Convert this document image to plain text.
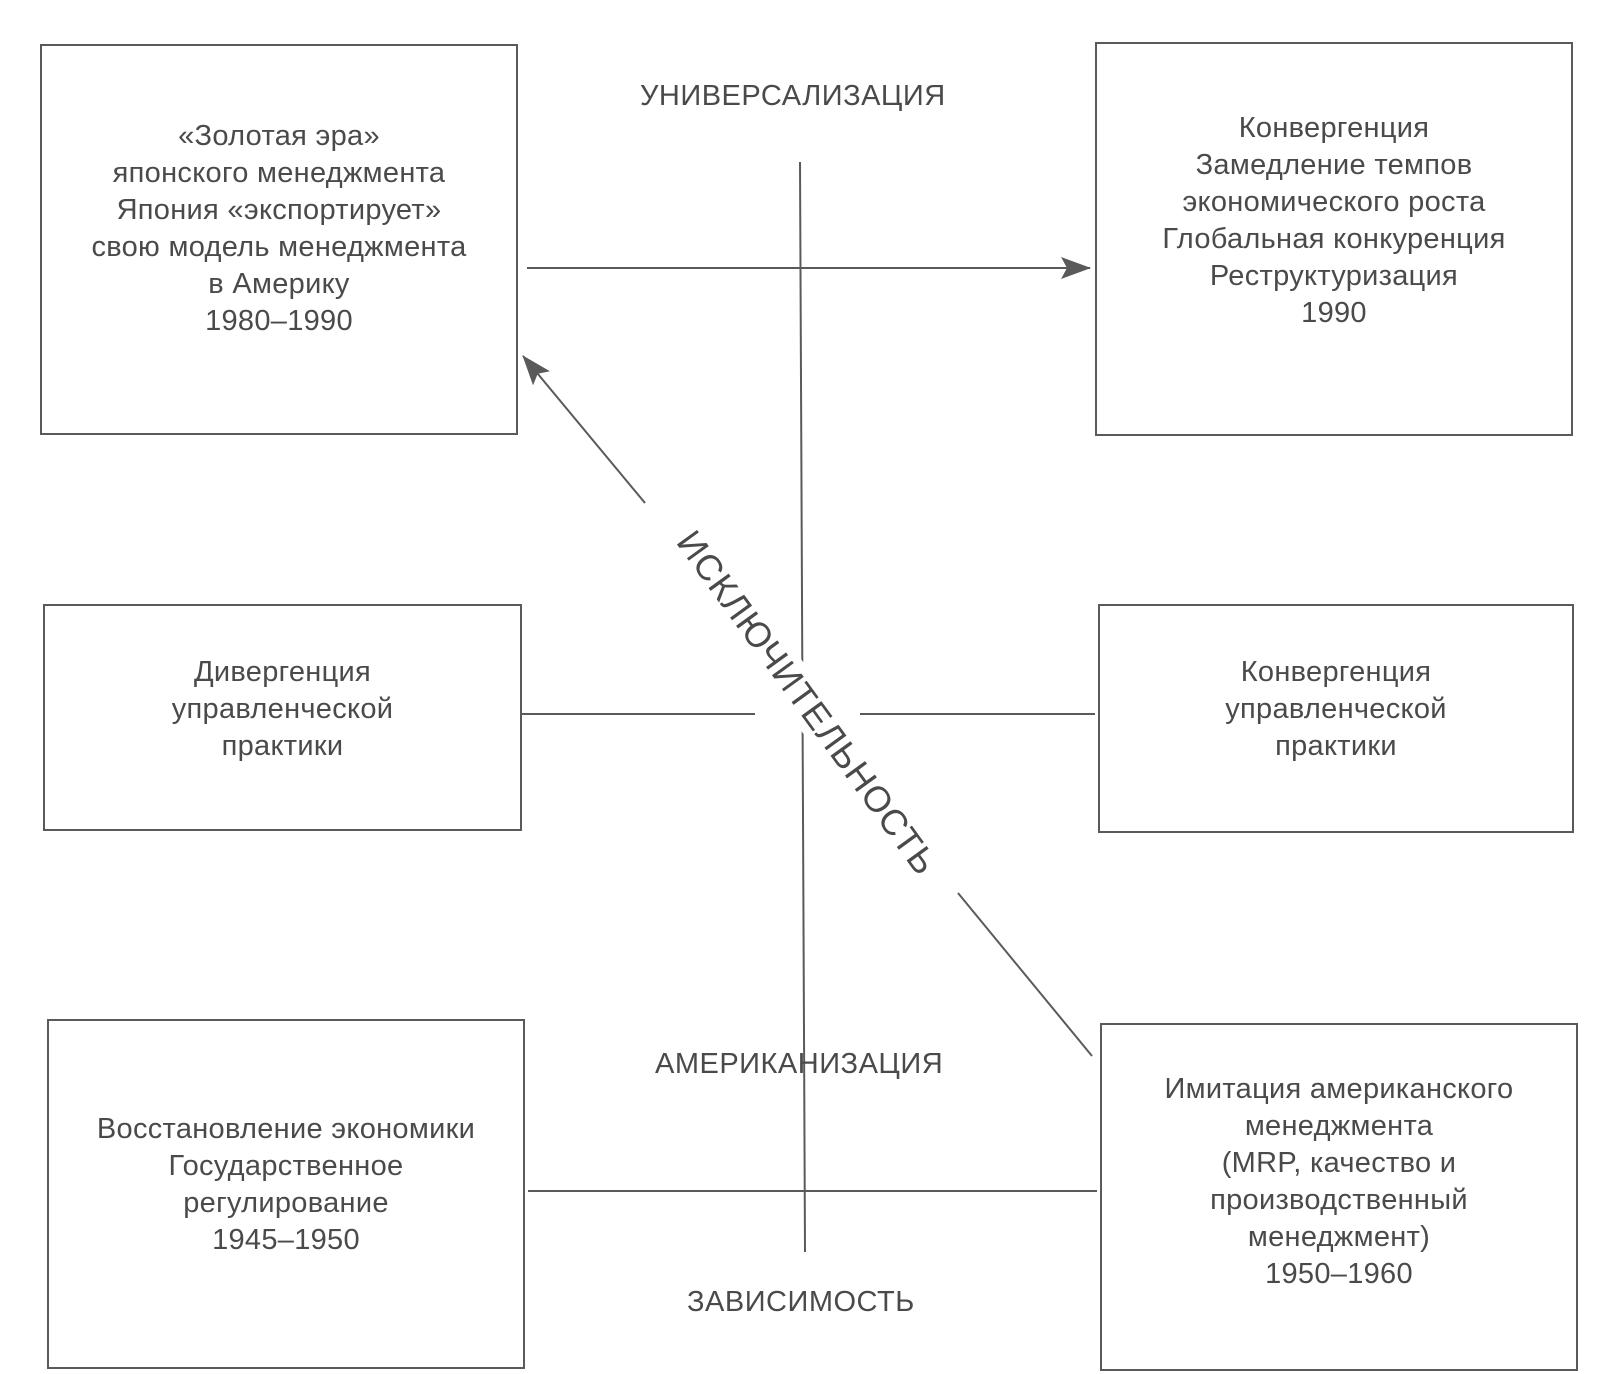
УНИВЕРСАЛИЗАЦИЯ
АМЕРИКАНИЗАЦИЯ
ЗАВИСИМОСТЬ
ИСКЛЮЧИТЕЛЬНОСТЬ
«Золотая эра»
японского менеджмента
Япония «экспортирует»
свою модель менеджмента
в Америку
1980–1990
Конвергенция
Замедление темпов
экономического роста
Глобальная конкуренция
Реструктуризация
1990
Дивергенция
управленческой
практики
Конвергенция
управленческой
практики
Восстановление экономики
Государственное
регулирование
1945–1950
Имитация американского
менеджмента
(MRP, качество и
производственный
менеджмент)
1950–1960
